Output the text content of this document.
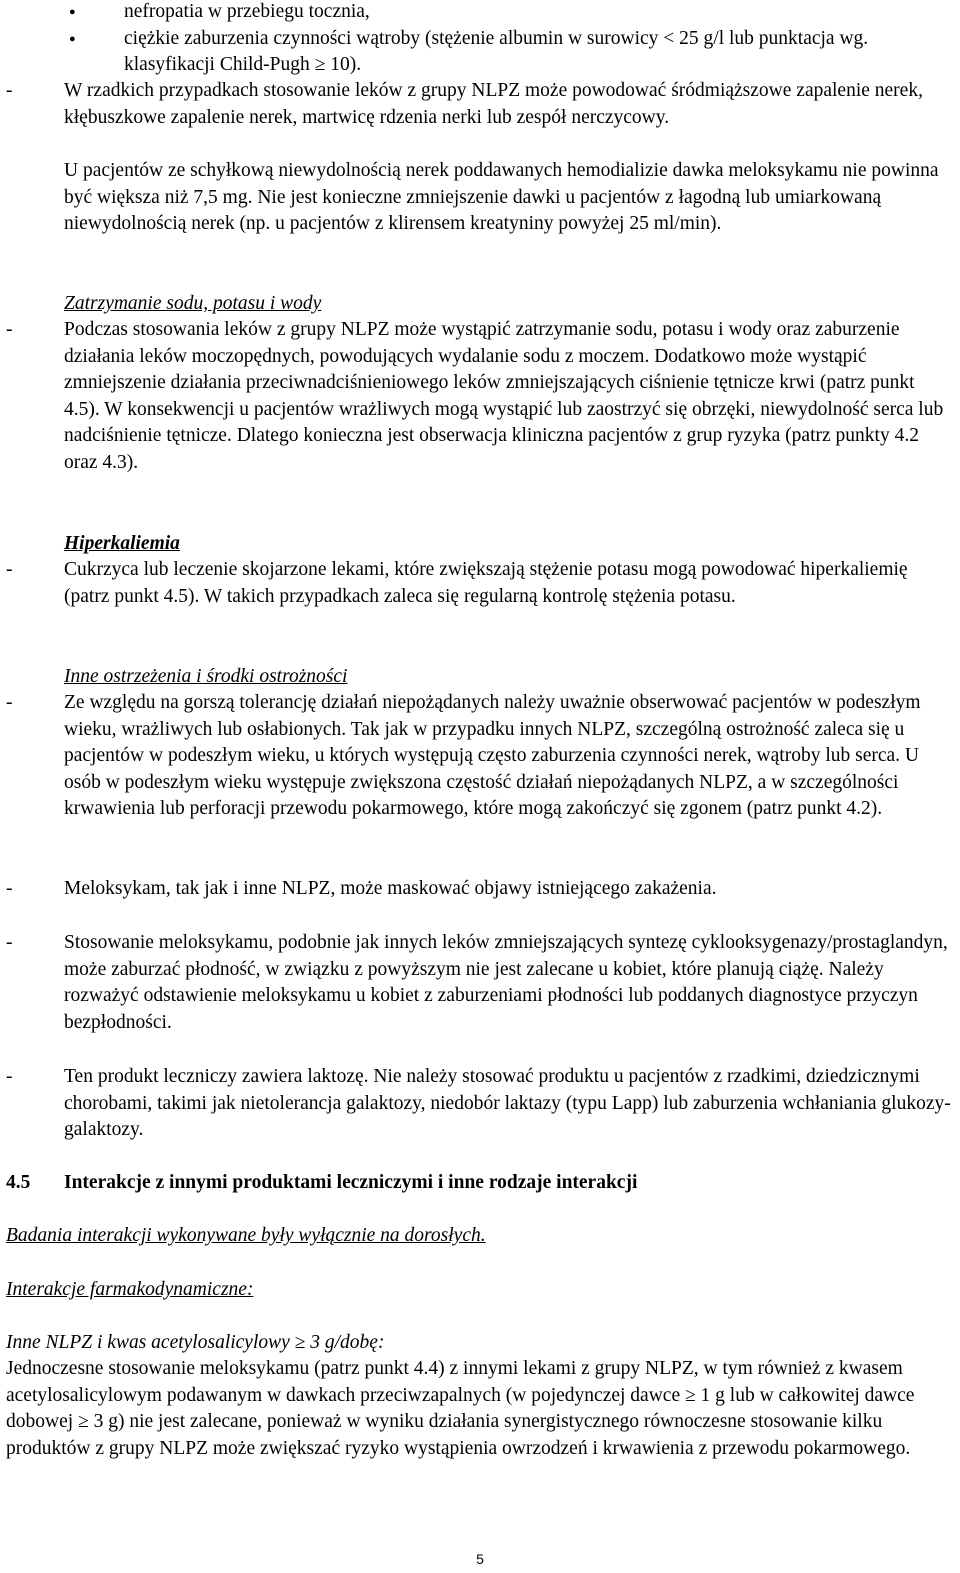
● nefropatia w przebiegu tocznia,
● ciężkie zaburzenia czynności wątroby (stężenie albumin w surowicy < 25 g/l lub punktacja wg. klasyfikacji Child-Pugh ≥ 10).
-	W rzadkich przypadkach stosowanie leków z grupy NLPZ może powodować śródmiąższowe zapalenie nerek, kłębuszkowe zapalenie nerek, martwicę rdzenia nerki lub zespół nerczycowy.
U pacjentów ze schyłkową niewydolnością nerek poddawanych hemodializie dawka meloksykamu nie powinna być większa niż 7,5 mg. Nie jest konieczne zmniejszenie dawki u pacjentów z łagodną lub umiarkowaną niewydolnością nerek (np. u pacjentów z klirensem kreatyniny powyżej 25 ml/min).
Zatrzymanie sodu, potasu i wody
-	Podczas stosowania leków z grupy NLPZ może wystąpić zatrzymanie sodu, potasu i wody oraz zaburzenie działania leków moczopędnych, powodujących wydalanie sodu z moczem. Dodatkowo może wystąpić zmniejszenie działania przeciwnadciśnieniowego leków zmniejszających ciśnienie tętnicze krwi (patrz punkt 4.5). W konsekwencji u pacjentów wrażliwych mogą wystąpić lub zaostrzyć się obrzęki, niewydolność serca lub nadciśnienie tętnicze. Dlatego konieczna jest obserwacja kliniczna pacjentów z grup ryzyka (patrz punkty 4.2 oraz 4.3).
Hiperkaliemia
-	Cukrzyca lub leczenie skojarzone lekami, które zwiększają stężenie potasu mogą powodować hiperkaliemię (patrz punkt 4.5). W takich przypadkach zaleca się regularną kontrolę stężenia potasu.
Inne ostrzeżenia i środki ostrożności
-	Ze względu na gorszą tolerancję działań niepożądanych należy uważnie obserwować pacjentów w podeszłym wieku, wrażliwych lub osłabionych. Tak jak w przypadku innych NLPZ, szczególną ostrożność zaleca się u pacjentów w podeszłym wieku, u których występują często zaburzenia czynności nerek, wątroby lub serca. U osób w podeszłym wieku występuje zwiększona częstość działań niepożądanych NLPZ, a w szczególności krwawienia lub perforacji przewodu pokarmowego, które mogą zakończyć się zgonem (patrz punkt 4.2).
-	Meloksykam, tak jak i inne NLPZ, może maskować objawy istniejącego zakażenia.
-	Stosowanie meloksykamu, podobnie jak innych leków zmniejszających syntezę cyklooksygenazy/prostaglandyn, może zaburzać płodność, w związku z powyższym nie jest zalecane u kobiet, które planują ciążę. Należy rozważyć odstawienie meloksykamu u kobiet z zaburzeniami płodności lub poddanych diagnostyce przyczyn bezpłodności.
-	Ten produkt leczniczy zawiera laktozę. Nie należy stosować produktu u pacjentów z rzadkimi, dziedzicznymi chorobami, takimi jak nietolerancja galaktozy, niedobór laktazy (typu Lapp) lub zaburzenia wchłaniania glukozy-galaktozy.
4.5 Interakcje z innymi produktami leczniczymi i inne rodzaje interakcji
Badania interakcji wykonywane były wyłącznie na dorosłych.
Interakcje farmakodynamiczne:
Inne NLPZ i kwas acetylosalicylowy ≥ 3 g/dobę:
Jednoczesne stosowanie meloksykamu (patrz punkt 4.4) z innymi lekami z grupy NLPZ, w tym również z kwasem acetylosalicylowym podawanym w dawkach przeciwzapalnych (w pojedynczej dawce ≥ 1 g lub w całkowitej dawce dobowej ≥ 3 g) nie jest zalecane, ponieważ w wyniku działania synergistycznego równoczesne stosowanie kilku produktów z grupy NLPZ może zwiększać ryzyko wystąpienia owrzodzeń i krwawienia z przewodu pokarmowego.
5
